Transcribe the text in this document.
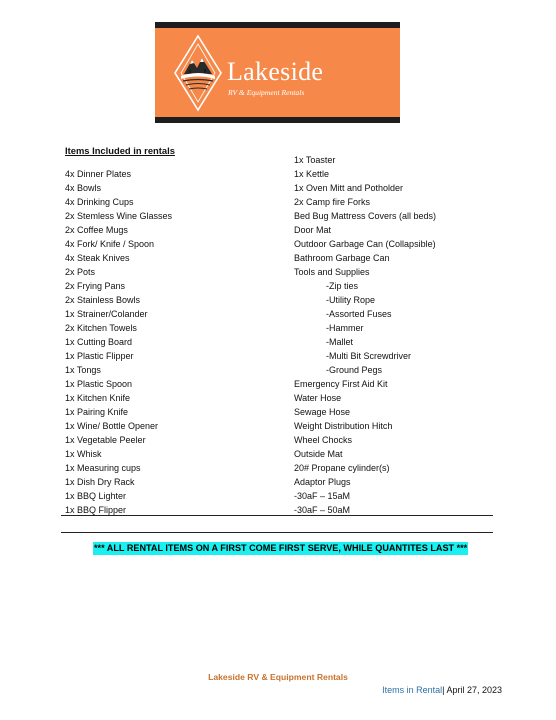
Lakeside
RV & Equipment Rentals
Items Included in rentals
4x Dinner Plates
4x Bowls
4x Drinking Cups
2x Stemless Wine Glasses
2x Coffee Mugs
4x Fork/ Knife / Spoon
4x Steak Knives
2x Pots
2x Frying Pans
2x Stainless Bowls
1x Strainer/Colander
2x Kitchen Towels
1x Cutting Board
1x Plastic Flipper
1x Tongs
1x Plastic Spoon
1x Kitchen Knife
1x Pairing Knife
1x Wine/ Bottle Opener
1x Vegetable Peeler
1x Whisk
1x Measuring cups
1x Dish Dry Rack
1x BBQ Lighter
1x BBQ Flipper
1x Toaster
1x Kettle
1x Oven Mitt and Potholder
2x Camp fire Forks
Bed Bug Mattress Covers (all beds)
Door Mat
Outdoor Garbage Can (Collapsible)
Bathroom Garbage Can
Tools and Supplies
-Zip ties
-Utility Rope
-Assorted Fuses
-Hammer
-Mallet
-Multi Bit Screwdriver
-Ground Pegs
Emergency First Aid Kit
Water Hose
Sewage Hose
Weight Distribution Hitch
Wheel Chocks
Outside Mat
20# Propane cylinder(s)
Adaptor Plugs
-30aF – 15aM
-30aF – 50aM
*** ALL RENTAL ITEMS ON A FIRST COME FIRST SERVE, WHILE QUANTITES LAST ***
Lakeside RV & Equipment Rentals
Items in Rental| April 27, 2023
